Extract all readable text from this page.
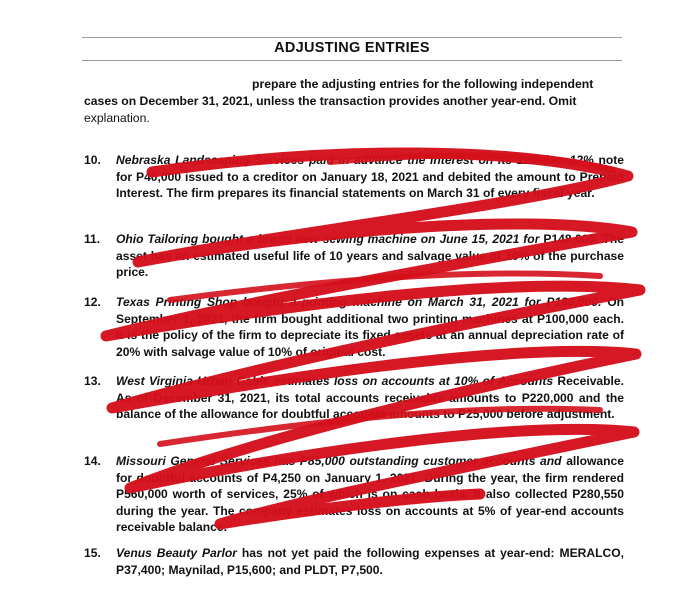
ADJUSTING ENTRIES
prepare the adjusting entries for the following independent
cases on December 31, 2021, unless the transaction provides another year-end. Omit
explanation.
10. Nebraska Landscaping Services paid in advance the interest on its 120-day, 12% note for P40,000 issued to a creditor on January 18, 2021 and debited the amount to Prepaid Interest. The firm prepares its financial statements on March 31 of every fiscal year.
11. Ohio Tailoring bought a brand new sewing machine on June 15, 2021 for P148,000. The asset has an estimated useful life of 10 years and salvage value of 10% of the purchase price.
12. Texas Printing Shop bought a printing machine on March 31, 2021 for P180,000. On September 1, 2021, the firm bought additional two printing machines at P100,000 each. It is the policy of the firm to depreciate its fixed assets at an annual depreciation rate of 20% with salvage value of 10% of original cost.
13. West Virginia Urban Cable estimates loss on accounts at 10% of Accounts Receivable. As of December 31, 2021, its total accounts receivable amounts to P220,000 and the balance of the allowance for doubtful accounts amounts to P25,000 before adjustment.
14. Missouri General Services has P85,000 outstanding customer accounts and allowance for doubtful accounts of P4,250 on January 1, 2021. During the year, the firm rendered P560,000 worth of services, 25% of which is on cash basis. It also collected P280,550 during the year. The company estimates loss on accounts at 5% of year-end accounts receivable balance.
15. Venus Beauty Parlor has not yet paid the following expenses at year-end: MERALCO, P37,400; Maynilad, P15,600; and PLDT, P7,500.
